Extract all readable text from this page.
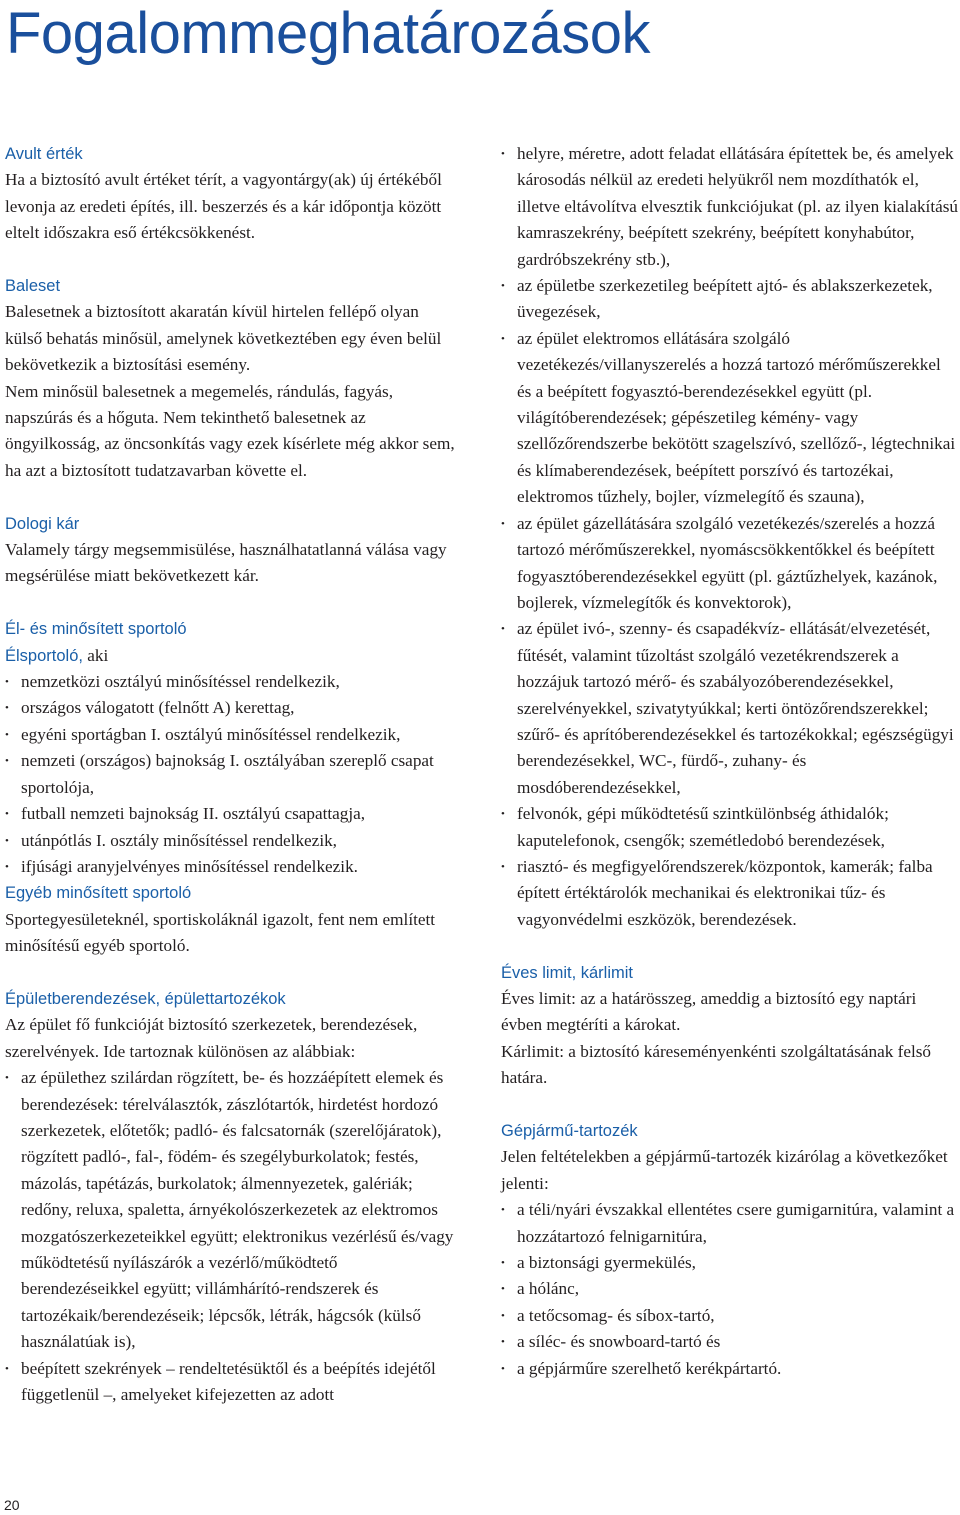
Fogalommeghatározások
Avult érték

Ha a biztosító avult értéket térít, a vagyontárgy(ak) új értékéből levonja az eredeti építés, ill. beszerzés és a kár időpontja között eltelt időszakra eső értékcsökkenést.

Baleset

Balesetnek a biztosított akaratán kívül hirtelen fellépő olyan külső behatás minősül, amelynek következtében egy éven belül bekövetkezik a biztosítási esemény.

Nem minősül balesetnek a megemelés, rándulás, fagyás, napszúrás és a hőguta. Nem tekinthető balesetnek az öngyilkosság, az öncsonkítás vagy ezek kísérlete még akkor sem, ha azt a biztosított tudatzavarban követte el.

Dologi kár

Valamely tárgy megsemmisülése, használhatatlanná válása vagy megsérülése miatt bekövetkezett kár.

Él- és minősített sportoló

Élsportoló, aki

• nemzetközi osztályú minősítéssel rendelkezik,
• országos válogatott (felnőtt A) kerettag,
• egyéni sportágban I. osztályú minősítéssel rendelkezik,
• nemzeti (országos) bajnokság I. osztályában szereplő csapat sportolója,
• futball nemzeti bajnokság II. osztályú csapattagja,
• utánpótlás I. osztály minősítéssel rendelkezik,
• ifjúsági aranyjelvényes minősítéssel rendelkezik.
Egyéb minősített sportoló

Sportegyesületeknél, sportiskoláknál igazolt, fent nem említett minősítésű egyéb sportoló.

Épületberendezések, épülettartozékok

Az épület fő funkcióját biztosító szerkezetek, berendezések, szerelvények. Ide tartoznak különösen az alábbiak:

• az épülethez szilárdan rögzített, be- és hozzáépített elemek és berendezések: térelválasztók, zászlótartók, hirdetést hordozó szerkezetek, előtetők; padló- és falcsatornák (szerelőjáratok), rögzített padló-, fal-, födém- és szegélyburkolatok; festés, mázolás, tapétázás, burkolatok; álmennyezetek, galériák; redőny, reluxa, spaletta, árnyékolószerkezetek az elektromos mozgatószerkezeteikkel együtt; elektronikus vezérlésű és/vagy működtetésű nyílászárók a vezérlő/működtető berendezéseikkel együtt; villámhárító-rendszerek és tartozékaik/berendezéseik; lépcsők, létrák, hágcsók (külső használatúak is),
• beépített szekrények – rendeltetésüktől és a beépítés idejétől függetlenül –, amelyeket kifejezetten az adott
• helyre, méretre, adott feladat ellátására építettek be, és amelyek károsodás nélkül az eredeti helyükről nem mozdíthatók el, illetve eltávolítva elvesztik funkciójukat (pl. az ilyen kialakítású kamraszekrény, beépített szekrény, beépített konyhabútor, gardróbszekrény stb.),
• az épületbe szerkezetileg beépített ajtó- és ablakszerkezetek, üvegezések,
• az épület elektromos ellátására szolgáló vezetékezés/villanyszerelés a hozzá tartozó mérőműszerekkel és a beépített fogyasztó-berendezésekkel együtt (pl. világítóberendezések; gépészetileg kémény- vagy szellőzőrendszerbe bekötött szagelszívó, szellőző-, légtechnikai és klímaberendezések, beépített porszívó és tartozékai, elektromos tűzhely, bojler, vízmelegítő és szauna),
• az épület gázellátására szolgáló vezetékezés/szerelés a hozzá tartozó mérőműszerekkel, nyomáscsökkentőkkel és beépített fogyasztóberendezésekkel együtt (pl. gáztűzhelyek, kazánok, bojlerek, vízmelegítők és konvektorok),
• az épület ivó-, szenny- és csapadékvíz- ellátását/elvezetését, fűtését, valamint tűzoltást szolgáló vezetékrendszerek a hozzájuk tartozó mérő- és szabályozóberendezésekkel, szerelvényekkel, szivatytyúkkal; kerti öntözőrendszerekkel; szűrő- és aprítóberendezésekkel és tartozékokkal; egészségügyi berendezésekkel, WC-, fürdő-, zuhany- és mosdóberendezésekkel,
• felvonók, gépi működtetésű szintkülönbség áthidalók; kaputelefonok, csengők; szemétledobó berendezések,
• riasztó- és megfigyelőrendszerek/központok, kamerák; falba épített értéktárolók mechanikai és elektronikai tűz- és vagyonvédelmi eszközök, berendezések.
Éves limit, kárlimit

Éves limit: az a határösszeg, ameddig a biztosító egy naptári évben megtéríti a károkat.

Kárlimit: a biztosító káreseményenkénti szolgáltatásának felső határa.

Gépjármű-tartozék

Jelen feltételekben a gépjármű-tartozék kizárólag a következőket jelenti:

• a téli/nyári évszakkal ellentétes csere gumigarnitúra, valamint a hozzátartozó felnigarnitúra,
• a biztonsági gyermekülés,
• a hólánc,
• a tetőcsomag- és síbox-tartó,
• a síléc- és snowboard-tartó és
• a gépjárműre szerelhető kerékpártartó.
20
